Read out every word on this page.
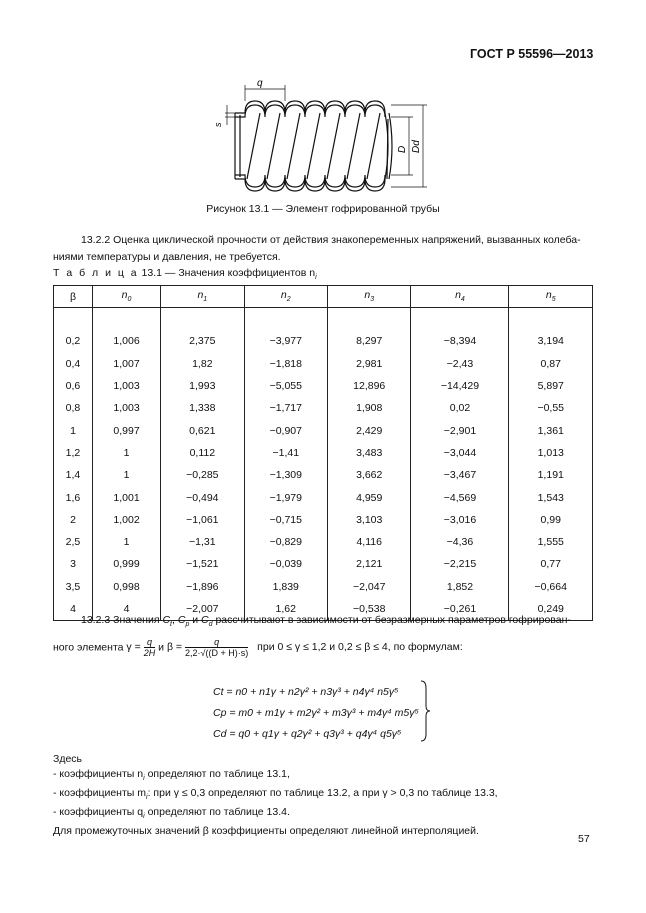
ГОСТ Р 55596—2013
q
s
D Dd
Рисунок 13.1 — Элемент гофрированной трубы
13.2.2 Оценка циклической прочности от действия знакопеременных напряжений, вызванных колеба-
ниями температуры и давления, не требуется.
Т а б л и ц а 13.1 — Значения коэффициентов $n_i$
β	$n_0$	$n_1$	$n_2$	$n_3$	$n_4$	$n_5$

0,2	1,006	2,375	−3,977	8,297	−8,394	3,194
0,4	1,007	1,82	−1,818	2,981	−2,43	0,87
0,6	1,003	1,993	−5,055	12,896	−14,429	5,897
0,8	1,003	1,338	−1,717	1,908	0,02	−0,55
1	0,997	0,621	−0,907	2,429	−2,901	1,361
1,2	1	0,112	−1,41	3,483	−3,044	1,013
1,4	1	−0,285	−1,309	3,662	−3,467	1,191
1,6	1,001	−0,494	−1,979	4,959	−4,569	1,543
2	1,002	−1,061	−0,715	3,103	−3,016	0,99
2,5	1	−1,31	−0,829	4,116	−4,36	1,555
3	0,999	−1,521	−0,039	2,121	−2,215	0,77
3,5	0,998	−1,896	1,839	−2,047	1,852	−0,664
4	4	−2,007	1,62	−0,538	−0,261	0,249
13.2.3 Значения $C_t$, $C_p$ и $C_d$ рассчитывают в зависимости от безразмерных параметров гофрирован-
ного элемента γ = q
2H и β =	q
2,2·√((D + H)·s) при 0 ≤ γ ≤ 1,2 и 0,2 ≤ β ≤ 4, по формулам:
Ct = n0 + n1γ + n2γ² + n3γ³ + n4γ⁴ n5γ⁵
Cp = m0 + m1γ + m2γ² + m3γ³ + m4γ⁴ m5γ⁵
Cd = q0 + q1γ + q2γ² + q3γ³ + q4γ⁴ q5γ⁵
Здесь
- коэффициенты $n_i$ определяют по таблице 13.1,
- коэффициенты $m_i$: при γ ≤ 0,3 определяют по таблице 13.2, а при γ > 0,3 по таблице 13.3,
- коэффициенты $q_i$ определяют по таблице 13.4.
Для промежуточных значений β коэффициенты определяют линейной интерполяцией.
57
